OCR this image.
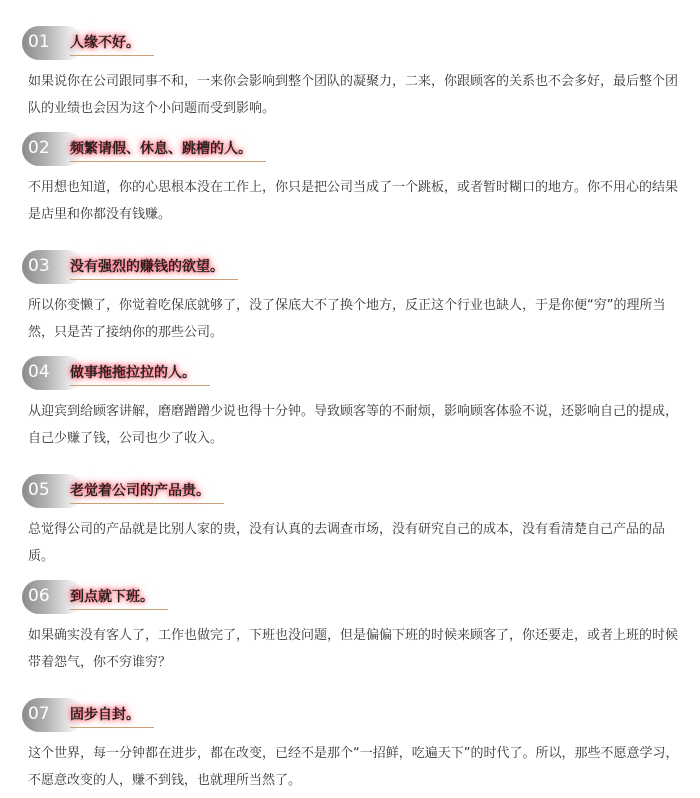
01 人缘不好。

如果说你在公司跟同事不和，一来你会影响到整个团队的凝聚力，二来，你跟顾客的关系也不会多好，最后整个团队的业绩也会因为这个小问题而受到影响。

02 频繁请假、休息、跳槽的人。

不用想也知道，你的心思根本没在工作上，你只是把公司当成了一个跳板，或者暂时糊口的地方。你不用心的结果是店里和你都没有钱赚。

03 没有强烈的赚钱的欲望。

所以你变懒了，你觉着吃保底就够了，没了保底大不了换个地方，反正这个行业也缺人，于是你便“穷”的理所当然，只是苦了接纳你的那些公司。

04 做事拖拖拉拉的人。

从迎宾到给顾客讲解，磨磨蹭蹭少说也得十分钟。导致顾客等的不耐烦，影响顾客体验不说，还影响自己的提成，自己少赚了钱，公司也少了收入。

05 老觉着公司的产品贵。

总觉得公司的产品就是比别人家的贵，没有认真的去调查市场，没有研究自己的成本，没有看清楚自己产品的品质。

06 到点就下班。

如果确实没有客人了，工作也做完了，下班也没问题，但是偏偏下班的时候来顾客了，你还要走，或者上班的时候带着怨气，你不穷谁穷？

07 固步自封。

这个世界，每一分钟都在进步，都在改变，已经不是那个“一招鲜，吃遍天下”的时代了。所以，那些不愿意学习，不愿意改变的人，赚不到钱，也就理所当然了。
